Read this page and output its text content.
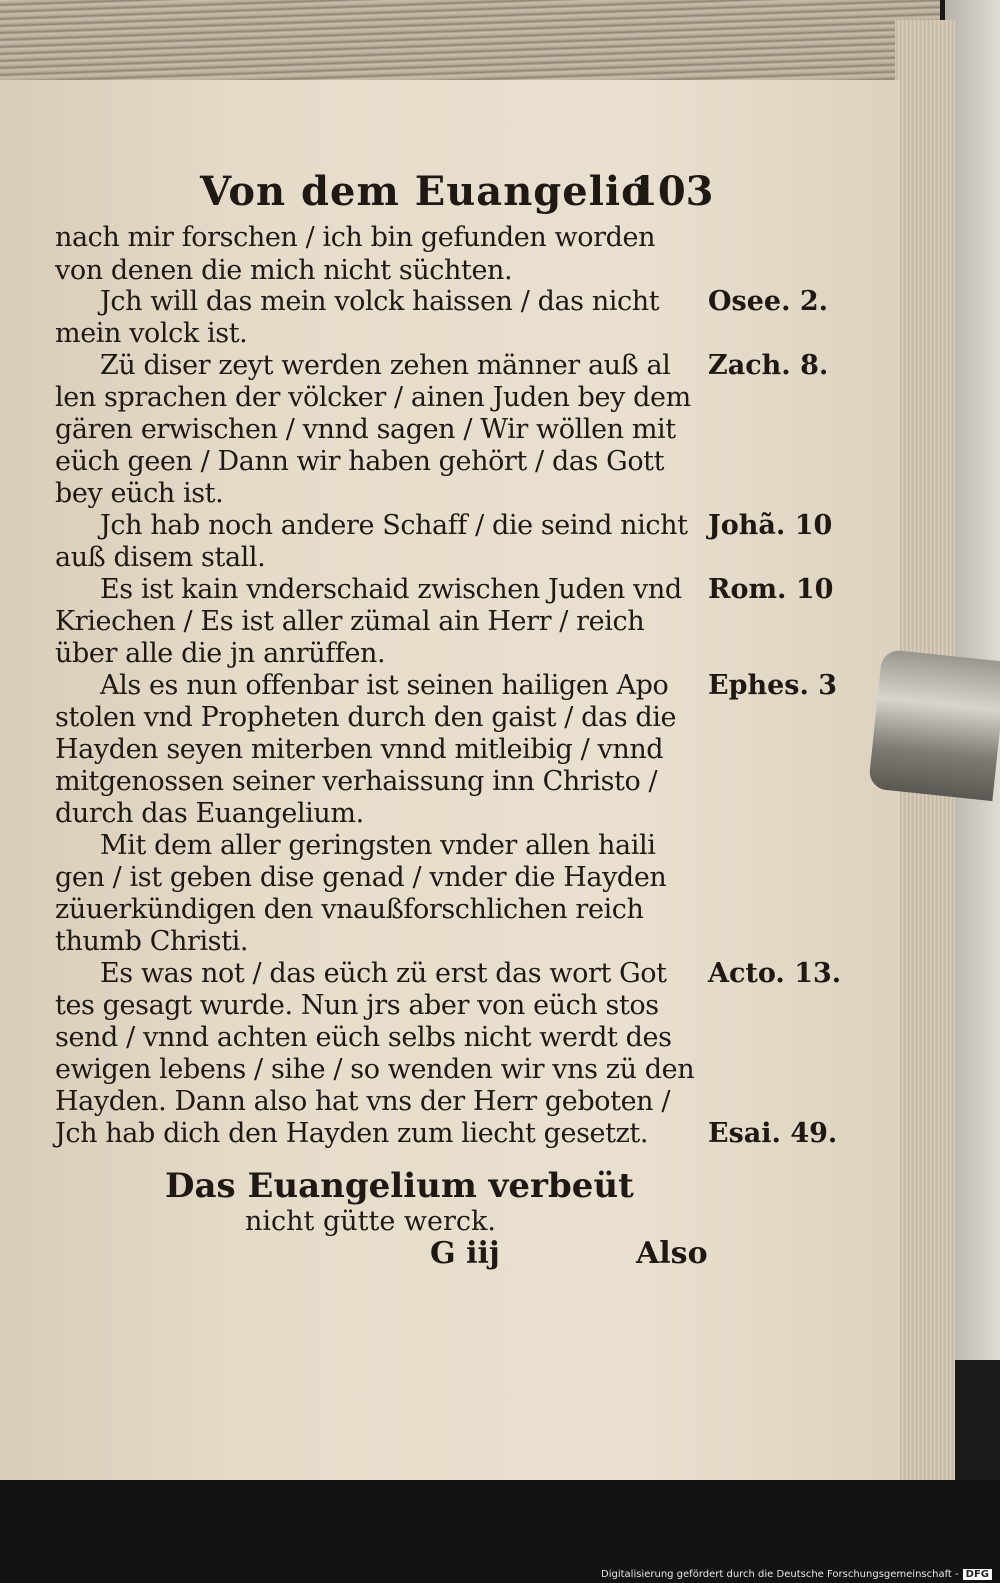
Von dem Euangelio
103
nach mir forschen / ich bin gefunden worden
von denen die mich nicht süchten.
Jch will das mein volck haissen / das nicht
mein volck ist.
Zü diser zeyt werden zehen männer auß al
len sprachen der völcker / ainen Juden bey dem
gären erwischen / vnnd sagen / Wir wöllen mit
eüch geen / Dann wir haben gehört / das Gott
bey eüch ist.
Jch hab noch andere Schaff / die seind nicht
auß disem stall.
Es ist kain vnderschaid zwischen Juden vnd
Kriechen / Es ist aller zümal ain Herr / reich
über alle die jn anrüffen.
Als es nun offenbar ist seinen hailigen Apo
stolen vnd Propheten durch den gaist / das die
Hayden seyen miterben vnnd mitleibig / vnnd
mitgenossen seiner verhaissung inn Christo /
durch das Euangelium.
Mit dem aller geringsten vnder allen haili
gen / ist geben dise genad / vnder die Hayden
züuerkündigen den vnaußforschlichen reich
thumb Christi.
Es was not / das eüch zü erst das wort Got
tes gesagt wurde. Nun jrs aber von eüch stos
send / vnnd achten eüch selbs nicht werdt des
ewigen lebens / sihe / so wenden wir vns zü den
Hayden. Dann also hat vns der Herr geboten /
Jch hab dich den Hayden zum liecht gesetzt.
Osee. 2.
Zach. 8.
Johã. 10
Rom. 10
Ephes. 3
Acto. 13.
Esai. 49.
Das Euangelium verbeüt
nicht gütte werck.
G iij	Also
Digitalisierung gefördert durch die Deutsche Forschungsgemeinschaft - DFG
